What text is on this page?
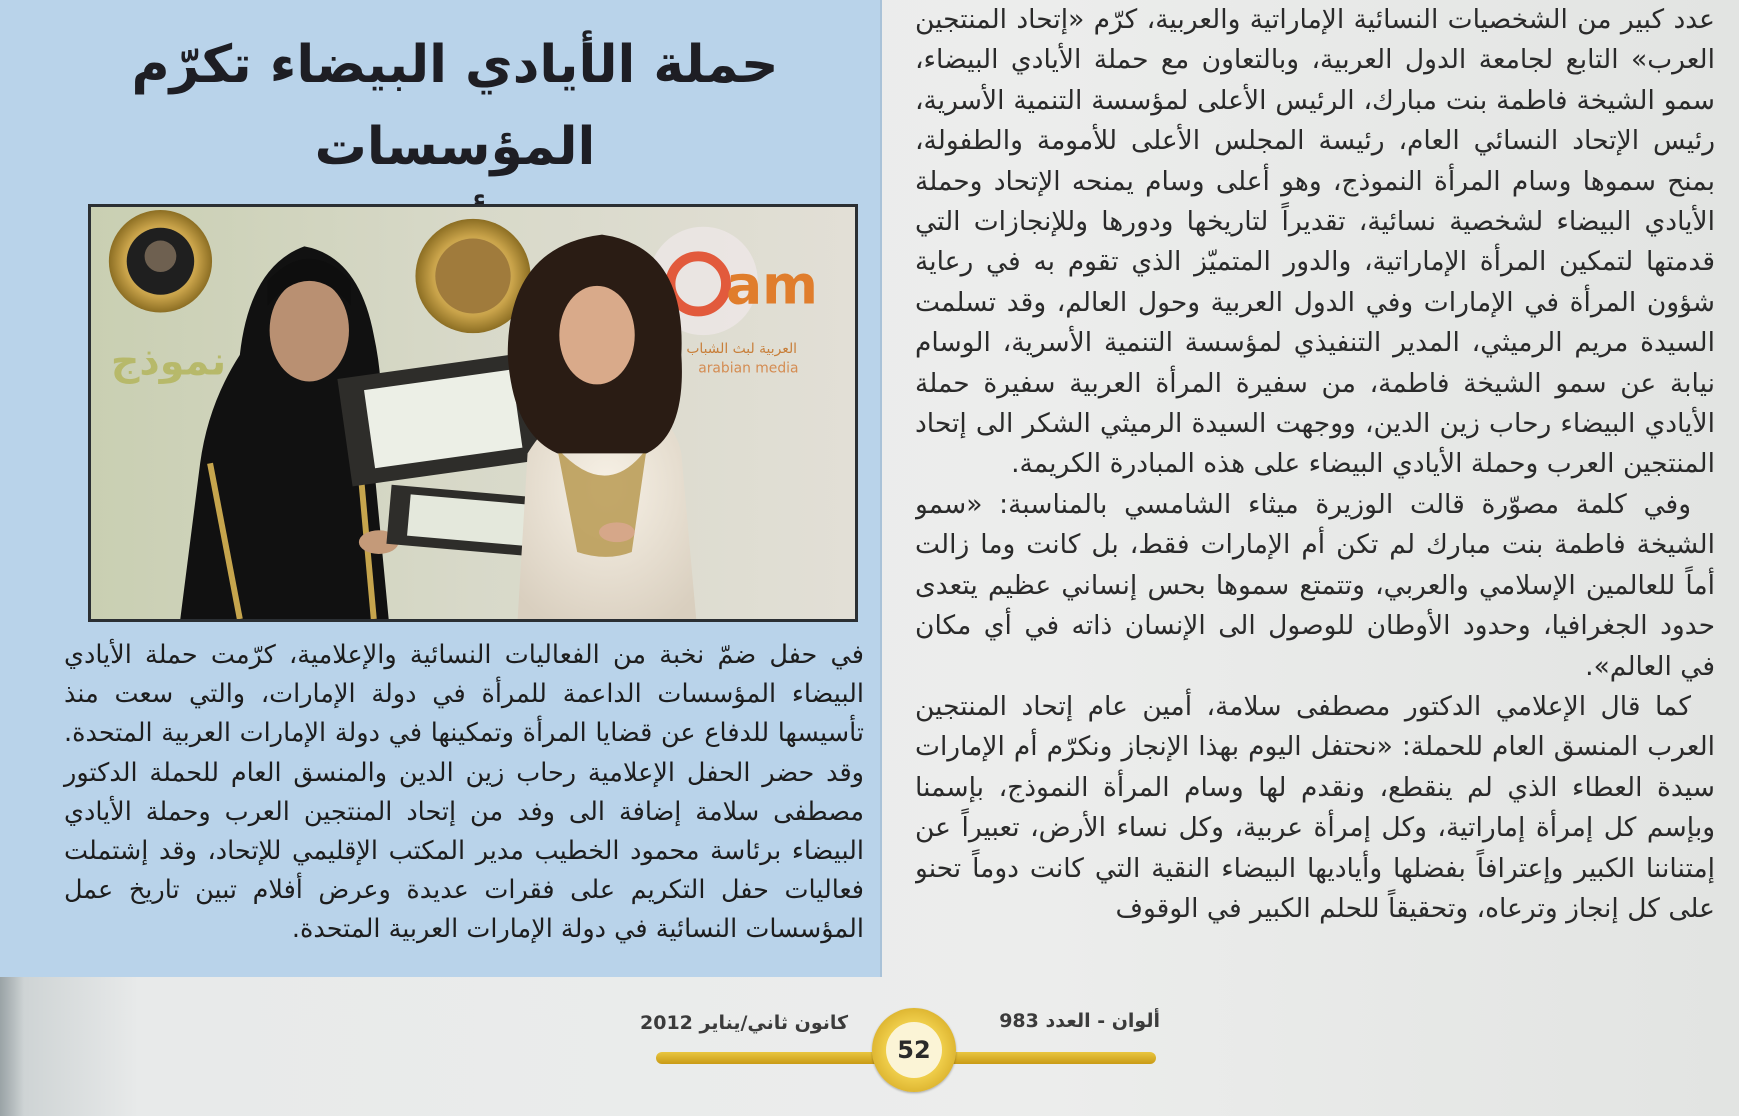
حملة الأيادي البيضاء تكرّم المؤسسات
am
العربية لبث الشباب
arabian media
نموذج
في حفل ضمّ نخبة من الفعاليات النسائية والإعلامية، كرّمت حملة الأيادي البيضاء المؤسسات الداعمة للمرأة في دولة الإمارات، والتي سعت منذ تأسيسها للدفاع عن قضايا المرأة وتمكينها في دولة الإمارات العربية المتحدة. وقد حضر الحفل الإعلامية رحاب زين الدين والمنسق العام للحملة الدكتور مصطفى سلامة إضافة الى وفد من إتحاد المنتجين العرب وحملة الأيادي البيضاء برئاسة محمود الخطيب مدير المكتب الإقليمي للإتحاد، وقد إشتملت فعاليات حفل التكريم على فقرات عديدة وعرض أفلام تبين تاريخ عمل المؤسسات النسائية في دولة الإمارات العربية المتحدة.

عدد كبير من الشخصيات النسائية الإماراتية والعربية، كرّم «إتحاد المنتجين العرب» التابع لجامعة الدول العربية، وبالتعاون مع حملة الأيادي البيضاء، سمو الشيخة فاطمة بنت مبارك، الرئيس الأعلى لمؤسسة التنمية الأسرية، رئيس الإتحاد النسائي العام، رئيسة المجلس الأعلى للأمومة والطفولة، بمنح سموها وسام المرأة النموذج، وهو أعلى وسام يمنحه الإتحاد وحملة الأيادي البيضاء لشخصية نسائية، تقديراً لتاريخها ودورها وللإنجازات التي قدمتها لتمكين المرأة الإماراتية، والدور المتميّز الذي تقوم به في رعاية شؤون المرأة في الإمارات وفي الدول العربية وحول العالم، وقد تسلمت السيدة مريم الرميثي، المدير التنفيذي لمؤسسة التنمية الأسرية، الوسام نيابة عن سمو الشيخة فاطمة، من سفيرة المرأة العربية سفيرة حملة الأيادي البيضاء رحاب زين الدين، ووجهت السيدة الرميثي الشكر الى إتحاد المنتجين العرب وحملة الأيادي البيضاء على هذه المبادرة الكريمة.

وفي كلمة مصوّرة قالت الوزيرة ميثاء الشامسي بالمناسبة: «سمو الشيخة فاطمة بنت مبارك لم تكن أم الإمارات فقط، بل كانت وما زالت أماً للعالمين الإسلامي والعربي، وتتمتع سموها بحس إنساني عظيم يتعدى حدود الجغرافيا، وحدود الأوطان للوصول الى الإنسان ذاته في أي مكان في العالم».

كما قال الإعلامي الدكتور مصطفى سلامة، أمين عام إتحاد المنتجين العرب المنسق العام للحملة: «نحتفل اليوم بهذا الإنجاز ونكرّم أم الإمارات سيدة العطاء الذي لم ينقطع، ونقدم لها وسام المرأة النموذج، بإسمنا وبإسم كل إمرأة إماراتية، وكل إمرأة عربية، وكل نساء الأرض، تعبيراً عن إمتناننا الكبير وإعترافاً بفضلها وأياديها البيضاء النقية التي كانت دوماً تحنو على كل إنجاز وترعاه، وتحقيقاً للحلم الكبير في الوقوف

كانون ثاني/يناير 2012	ألوان - العدد 983
52
